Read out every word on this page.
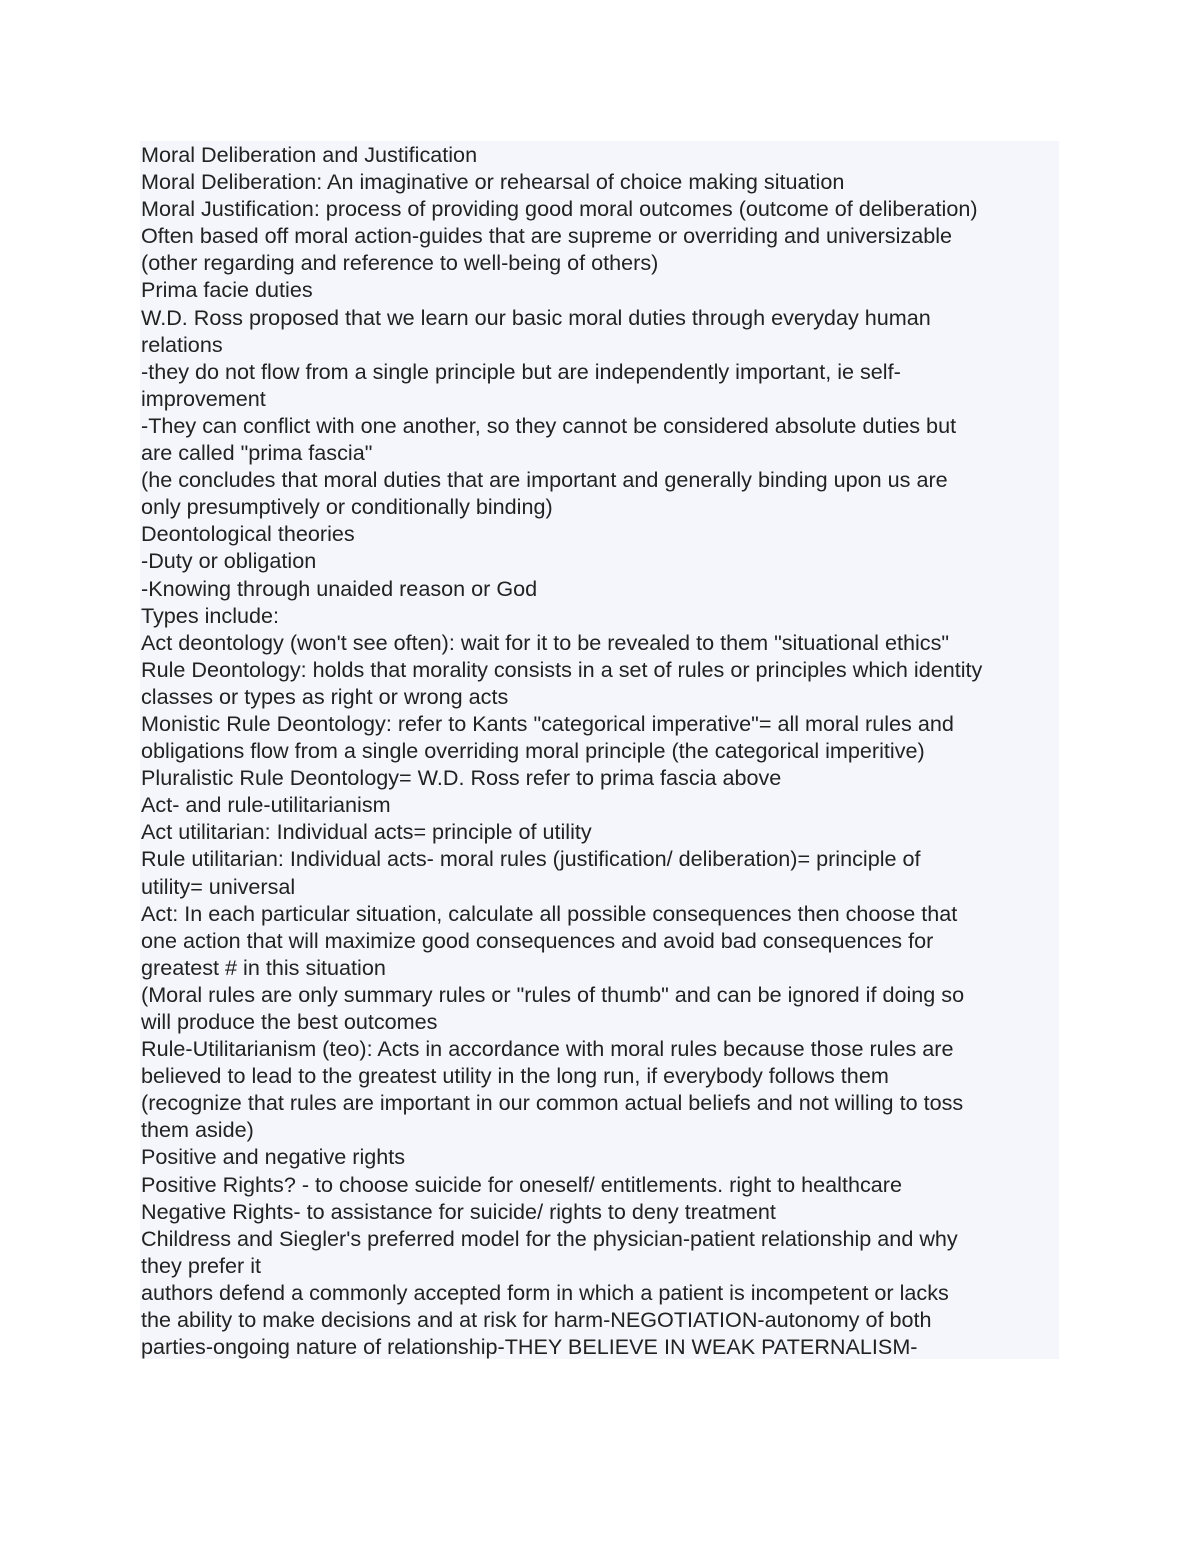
Moral Deliberation and Justification
Moral Deliberation: An imaginative or rehearsal of choice making situation
Moral Justification: process of providing good moral outcomes (outcome of deliberation)
Often based off moral action-guides that are supreme or overriding and universizable
(other regarding and reference to well-being of others)
Prima facie duties
W.D. Ross proposed that we learn our basic moral duties through everyday human
relations
-they do not flow from a single principle but are independently important, ie self-
improvement
-They can conflict with one another, so they cannot be considered absolute duties but
are called "prima fascia"
(he concludes that moral duties that are important and generally binding upon us are
only presumptively or conditionally binding)
Deontological theories
-Duty or obligation
-Knowing through unaided reason or God
Types include:
Act deontology (won't see often): wait for it to be revealed to them "situational ethics"
Rule Deontology: holds that morality consists in a set of rules or principles which identity
classes or types as right or wrong acts
Monistic Rule Deontology: refer to Kants "categorical imperative"= all moral rules and
obligations flow from a single overriding moral principle (the categorical imperitive)
Pluralistic Rule Deontology= W.D. Ross refer to prima fascia above
Act- and rule-utilitarianism
Act utilitarian: Individual acts= principle of utility
Rule utilitarian: Individual acts- moral rules (justification/ deliberation)= principle of
utility= universal
Act: In each particular situation, calculate all possible consequences then choose that
one action that will maximize good consequences and avoid bad consequences for
greatest # in this situation
(Moral rules are only summary rules or "rules of thumb" and can be ignored if doing so
will produce the best outcomes
Rule-Utilitarianism (teo): Acts in accordance with moral rules because those rules are
believed to lead to the greatest utility in the long run, if everybody follows them
(recognize that rules are important in our common actual beliefs and not willing to toss
them aside)
Positive and negative rights
Positive Rights? - to choose suicide for oneself/ entitlements. right to healthcare
Negative Rights- to assistance for suicide/ rights to deny treatment
Childress and Siegler's preferred model for the physician-patient relationship and why
they prefer it
authors defend a commonly accepted form in which a patient is incompetent or lacks
the ability to make decisions and at risk for harm-NEGOTIATION-autonomy of both
parties-ongoing nature of relationship-THEY BELIEVE IN WEAK PATERNALISM-
